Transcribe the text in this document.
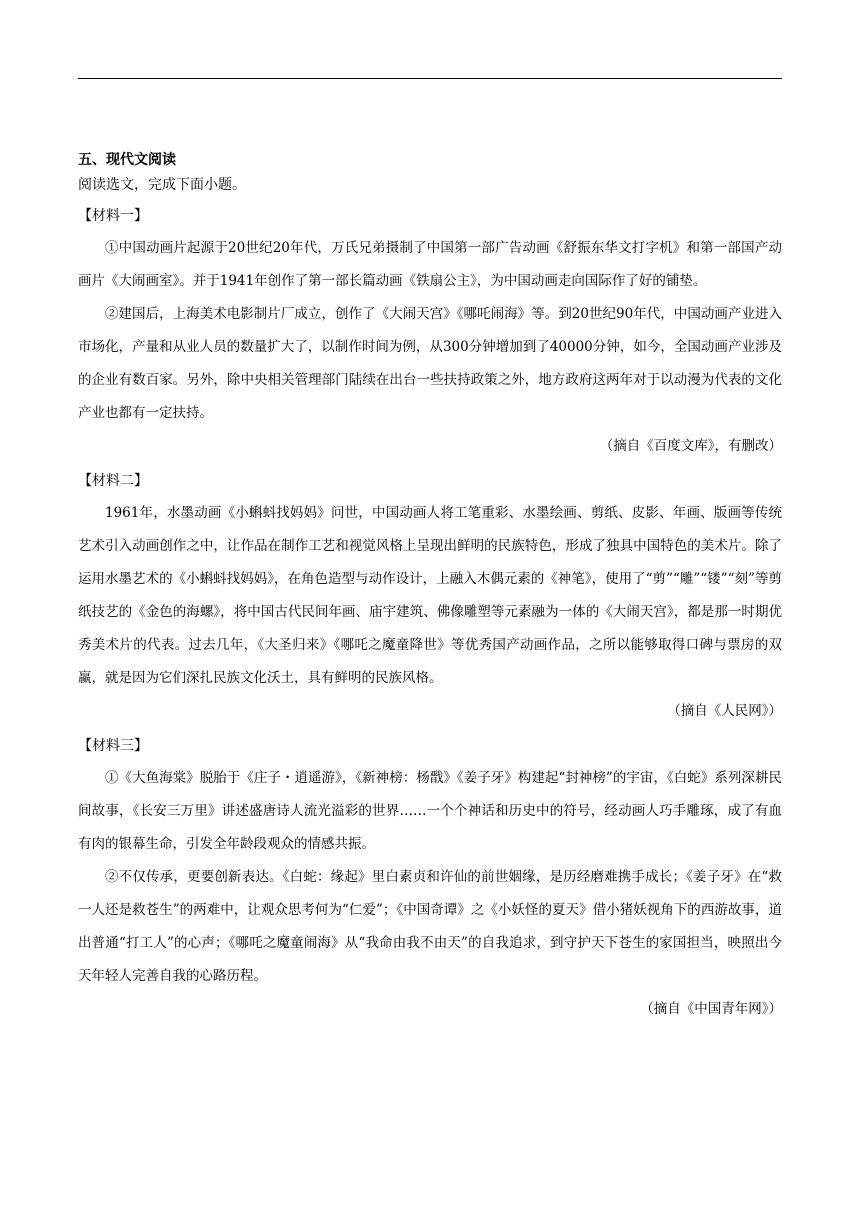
五、现代文阅读

阅读选文，完成下面小题。

【材料一】

①中国动画片起源于20世纪20年代，万氏兄弟摄制了中国第一部广告动画《舒振东华文打字机》和第一部国产动画片《大闹画室》。并于1941年创作了第一部长篇动画《铁扇公主》，为中国动画走向国际作了好的铺垫。

②建国后，上海美术电影制片厂成立，创作了《大闹天宫》《哪吒闹海》等。到20世纪90年代，中国动画产业进入市场化，产量和从业人员的数量扩大了，以制作时间为例，从300分钟增加到了40000分钟，如今，全国动画产业涉及的企业有数百家。另外，除中央相关管理部门陆续在出台一些扶持政策之外，地方政府这两年对于以动漫为代表的文化产业也都有一定扶持。

（摘自《百度文库》，有删改）

【材料二】

1961年，水墨动画《小蝌蚪找妈妈》问世，中国动画人将工笔重彩、水墨绘画、剪纸、皮影、年画、版画等传统艺术引入动画创作之中，让作品在制作工艺和视觉风格上呈现出鲜明的民族特色，形成了独具中国特色的美术片。除了运用水墨艺术的《小蝌蚪找妈妈》，在角色造型与动作设计，上融入木偶元素的《神笔》，使用了“剪”“雕”“镂”“刻”等剪纸技艺的《金色的海螺》，将中国古代民间年画、庙宇建筑、佛像雕塑等元素融为一体的《大闹天宫》，都是那一时期优秀美术片的代表。过去几年，《大圣归来》《哪吒之魔童降世》等优秀国产动画作品，之所以能够取得口碑与票房的双赢，就是因为它们深扎民族文化沃土，具有鲜明的民族风格。

（摘自《人民网》）

【材料三】

①《大鱼海棠》脱胎于《庄子・逍遥游》，《新神榜：杨戬》《姜子牙》构建起“封神榜”的宇宙，《白蛇》系列深耕民间故事，《长安三万里》讲述盛唐诗人流光溢彩的世界……一个个神话和历史中的符号，经动画人巧手雕琢，成了有血有肉的银幕生命，引发全年龄段观众的情感共振。

②不仅传承，更要创新表达。《白蛇：缘起》里白素贞和许仙的前世姻缘，是历经磨难携手成长；《姜子牙》在“救一人还是救苍生”的两难中，让观众思考何为“仁爱”；《中国奇谭》之《小妖怪的夏天》借小猪妖视角下的西游故事，道出普通“打工人”的心声；《哪吒之魔童闹海》从“我命由我不由天”的自我追求，到守护天下苍生的家国担当，映照出今天年轻人完善自我的心路历程。

（摘自《中国青年网》）
